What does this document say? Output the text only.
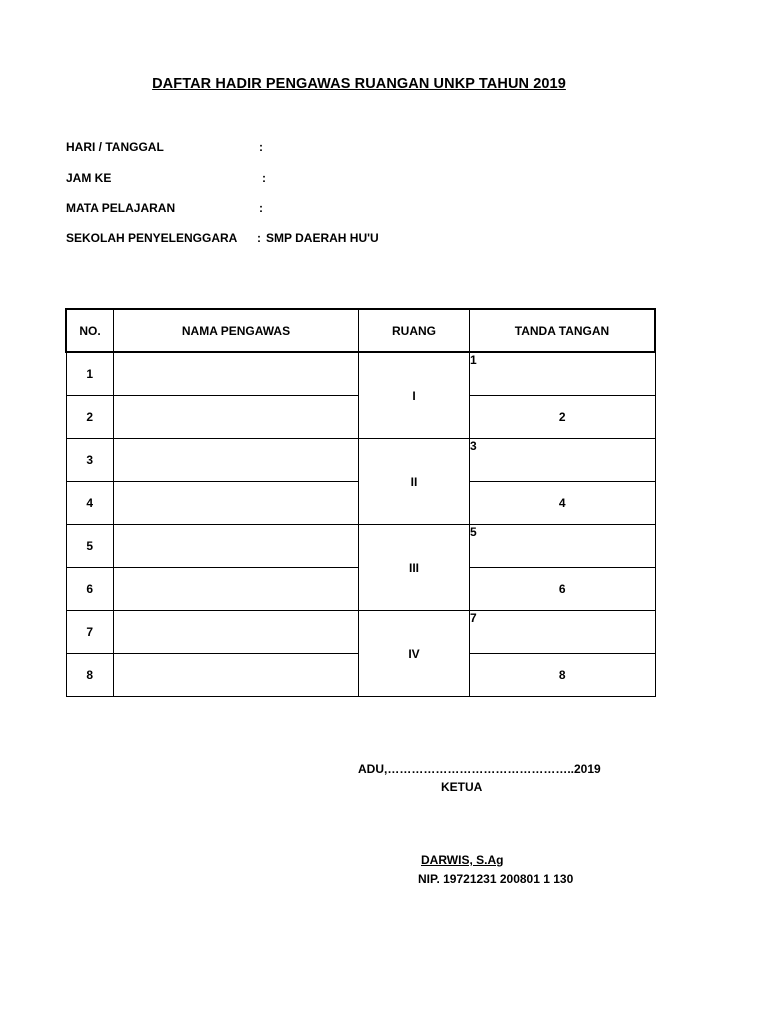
DAFTAR HADIR PENGAWAS RUANGAN UNKP TAHUN 2019
HARI / TANGGAL	:
JAM KE	:
MATA PELAJARAN	:
SEKOLAH PENYELENGGARA : SMP DAERAH HU'U
NO.	NAMA PENGAWAS	RUANG	TANDA TANGAN
1		I	1
2			2
3		II	3
4			4
5		III	5
6			6
7		IV	7
8			8
ADU,………………………………………..2019
KETUA
DARWIS, S.Ag
NIP. 19721231 200801 1 130
